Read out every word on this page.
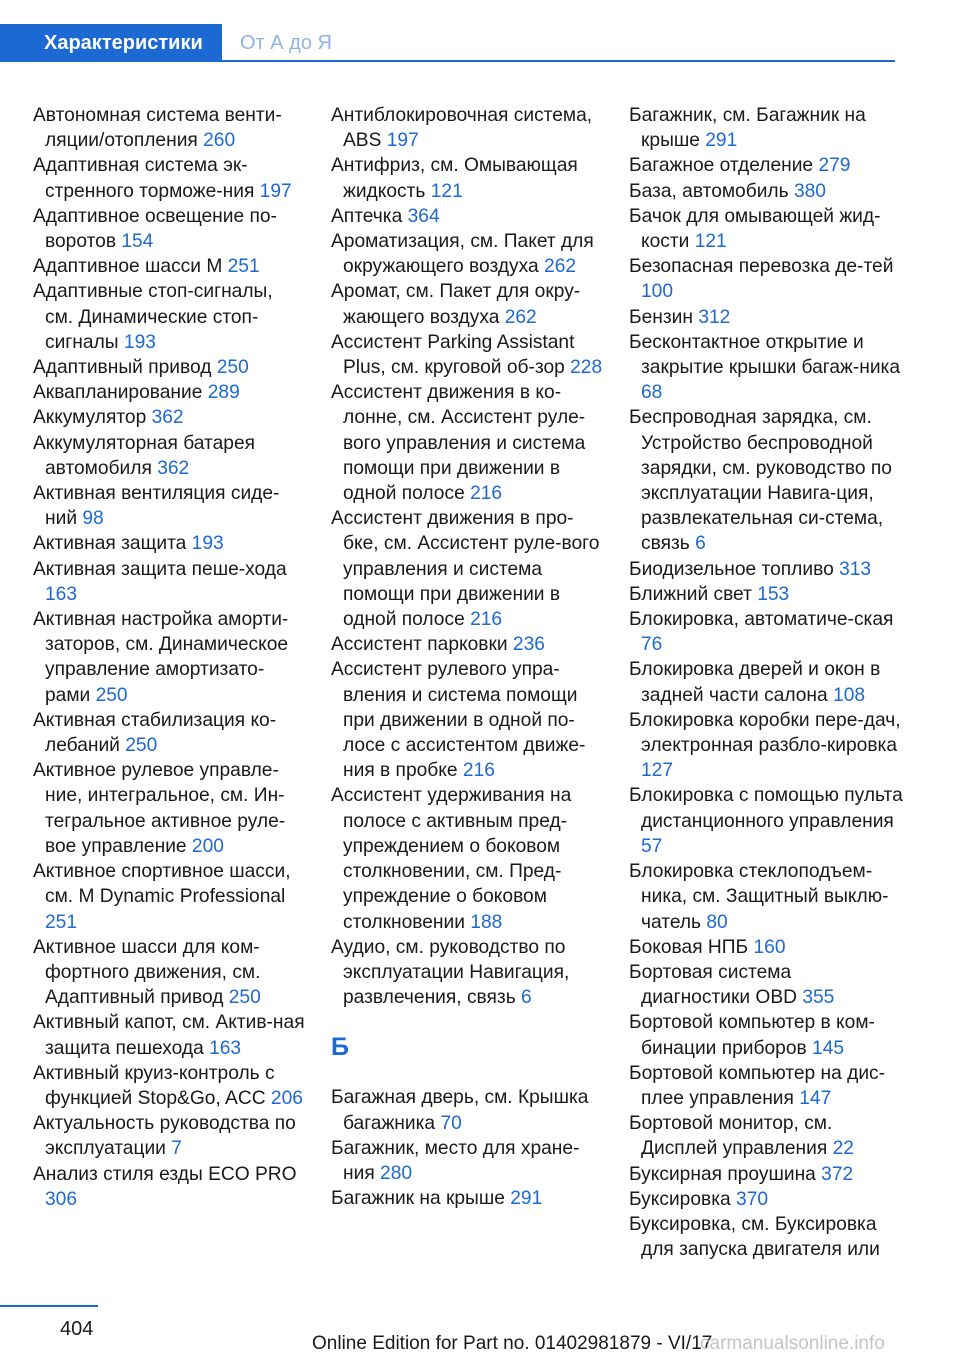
Характеристики	От А до Я

Автономная система венти-ляции/отопления 260

Адаптивная система эк-стренного торможе-ния 197

Адаптивное освещение по-воротов 154

Адаптивное шасси M 251

Адаптивные стоп-сигналы, см. Динамические стоп-сигналы 193

Адаптивный привод 250

Аквапланирование 289

Аккумулятор 362

Аккумуляторная батарея автомобиля 362

Активная вентиляция сиде-ний 98

Активная защита 193

Активная защита пеше-хода 163

Активная настройка аморти-заторов, см. Динамическое управление амортизато-рами 250

Активная стабилизация ко-лебаний 250

Активное рулевое управле-ние, интегральное, см. Ин-тегральное активное руле-вое управление 200

Активное спортивное шасси, см. M Dynamic Professional 251

Активное шасси для ком-фортного движения, см. Адаптивный привод 250

Активный капот, см. Актив-ная защита пешехода 163

Активный круиз-контроль с функцией Stop&Go, ACC 206

Актуальность руководства по эксплуатации 7

Анализ стиля езды ECO PRO 306

Антиблокировочная система, ABS 197

Антифриз, см. Омывающая жидкость 121

Аптечка 364

Ароматизация, см. Пакет для окружающего воздуха 262

Аромат, см. Пакет для окру-жающего воздуха 262

Ассистент Parking Assistant Plus, см. круговой об-зор 228

Ассистент движения в ко-лонне, см. Ассистент руле-вого управления и система помощи при движении в одной полосе 216

Ассистент движения в про-бке, см. Ассистент руле-вого управления и система помощи при движении в одной полосе 216

Ассистент парковки 236

Ассистент рулевого упра-вления и система помощи при движении в одной по-лосе с ассистентом движе-ния в пробке 216

Ассистент удерживания на полосе с активным пред-упреждением о боковом столкновении, см. Пред-упреждение о боковом столкновении 188

Аудио, см. руководство по эксплуатации Навигация, развлечения, связь 6

Б

Багажная дверь, см. Крышка багажника 70

Багажник, место для хране-ния 280

Багажник на крыше 291

Багажник, см. Багажник на крыше 291

Багажное отделение 279

База, автомобиль 380

Бачок для омывающей жид-кости 121

Безопасная перевозка де-тей 100

Бензин 312

Бесконтактное открытие и закрытие крышки багаж-ника 68

Беспроводная зарядка, см. Устройство беспроводной зарядки, см. руководство по эксплуатации Навига-ция, развлекательная си-стема, связь 6

Биодизельное топливо 313

Ближний свет 153

Блокировка, автоматиче-ская 76

Блокировка дверей и окон в задней части салона 108

Блокировка коробки пере-дач, электронная разбло-кировка 127

Блокировка с помощью пульта дистанционного управления 57

Блокировка стеклоподъем-ника, см. Защитный выклю-чатель 80

Боковая НПБ 160

Бортовая система диагностики OBD 355

Бортовой компьютер в ком-бинации приборов 145

Бортовой компьютер на дис-плее управления 147

Бортовой монитор, см. Дисплей управления 22

Буксирная проушина 372

Буксировка 370

Буксировка, см. Буксировка для запуска двигателя или

404
Online Edition for Part no. 01402981879 - VI/17
carmanualsonline.info
